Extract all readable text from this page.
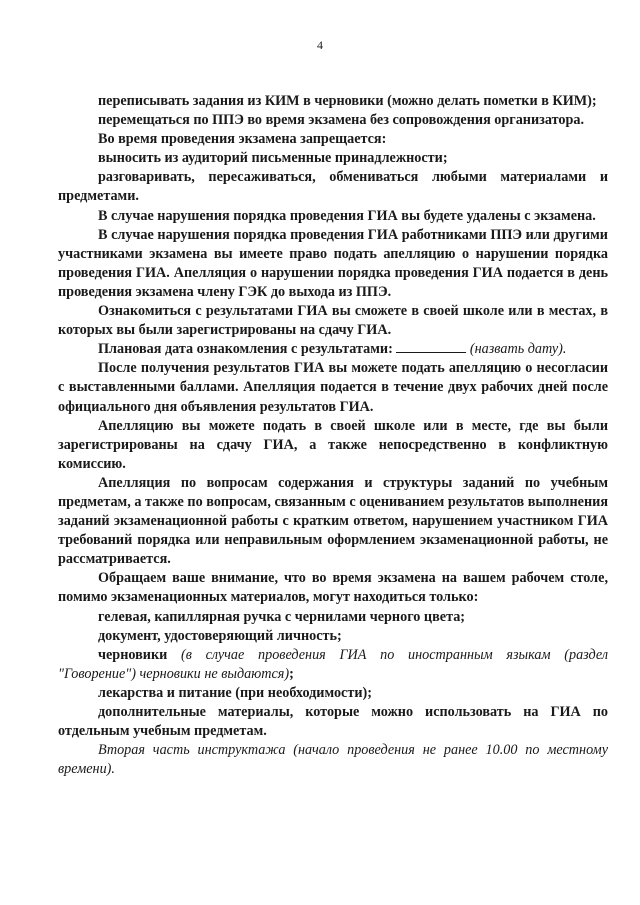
4

переписывать задания из КИМ в черновики (можно делать пометки в КИМ);

перемещаться по ППЭ во время экзамена без сопровождения организатора.

Во время проведения экзамена запрещается:

выносить из аудиторий письменные принадлежности;

разговаривать, пересаживаться, обмениваться любыми материалами и предметами.

В случае нарушения порядка проведения ГИА вы будете удалены с экзамена.

В случае нарушения порядка проведения ГИА работниками ППЭ или другими участниками экзамена вы имеете право подать апелляцию о нарушении порядка проведения ГИА. Апелляция о нарушении порядка проведения ГИА подается в день проведения экзамена члену ГЭК до выхода из ППЭ.

Ознакомиться с результатами ГИА вы сможете в своей школе или в местах, в которых вы были зарегистрированы на сдачу ГИА.

Плановая дата ознакомления с результатами:	(назвать дату).

После получения результатов ГИА вы можете подать апелляцию о несогласии с выставленными баллами. Апелляция подается в течение двух рабочих дней после официального дня объявления результатов ГИА.

Апелляцию вы можете подать в своей школе или в месте, где вы были зарегистрированы на сдачу ГИА, а также непосредственно в конфликтную комиссию.

Апелляция по вопросам содержания и структуры заданий по учебным предметам, а также по вопросам, связанным с оцениванием результатов выполнения заданий экзаменационной работы с кратким ответом, нарушением участником ГИА требований порядка или неправильным оформлением экзаменационной работы, не рассматривается.

Обращаем ваше внимание, что во время экзамена на вашем рабочем столе, помимо экзаменационных материалов, могут находиться только:

гелевая, капиллярная ручка с чернилами черного цвета;

документ, удостоверяющий личность;

черновики (в случае проведения ГИА по иностранным языкам (раздел "Говорение") черновики не выдаются);

лекарства и питание (при необходимости);

дополнительные материалы, которые можно использовать на ГИА по отдельным учебным предметам.

Вторая часть инструктажа (начало проведения не ранее 10.00 по местному времени).
